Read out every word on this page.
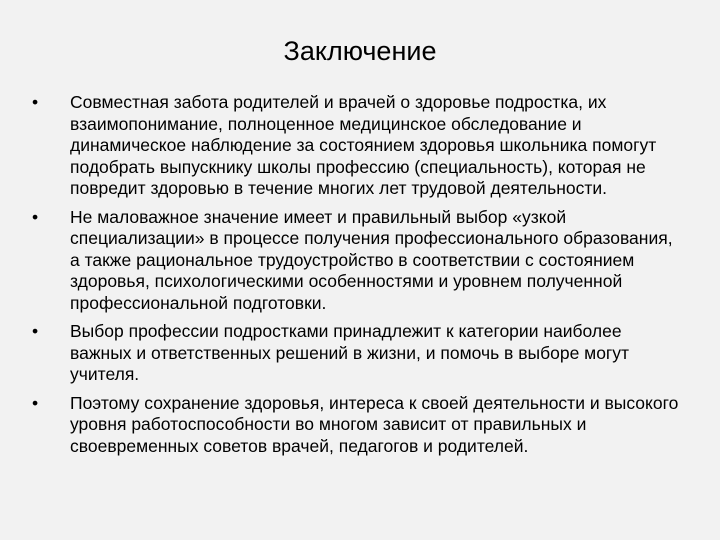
Заключение
•	Совместная забота родителей и врачей о здоровье подростка, их взаимопонимание, полноценное медицинское обследование и динамическое наблюдение за состоянием здоровья школьника помогут подобрать выпускнику школы профессию (специальность), которая не повредит здоровью в течение многих лет трудовой деятельности.
•	Не маловажное значение имеет и правильный выбор «узкой специализации» в процессе получения профессионального образования, а также рациональное трудоустройство в соответствии с состоянием здоровья, психологическими особенностями и уровнем полученной профессиональной подготовки.
•	Выбор профессии подростками принадлежит к категории наиболее важных и ответственных решений в жизни, и помочь в выборе могут учителя.
•	Поэтому сохранение здоровья, интереса к своей деятельности и высокого уровня работоспособности во многом зависит от правильных и своевременных советов врачей, педагогов и родителей.
